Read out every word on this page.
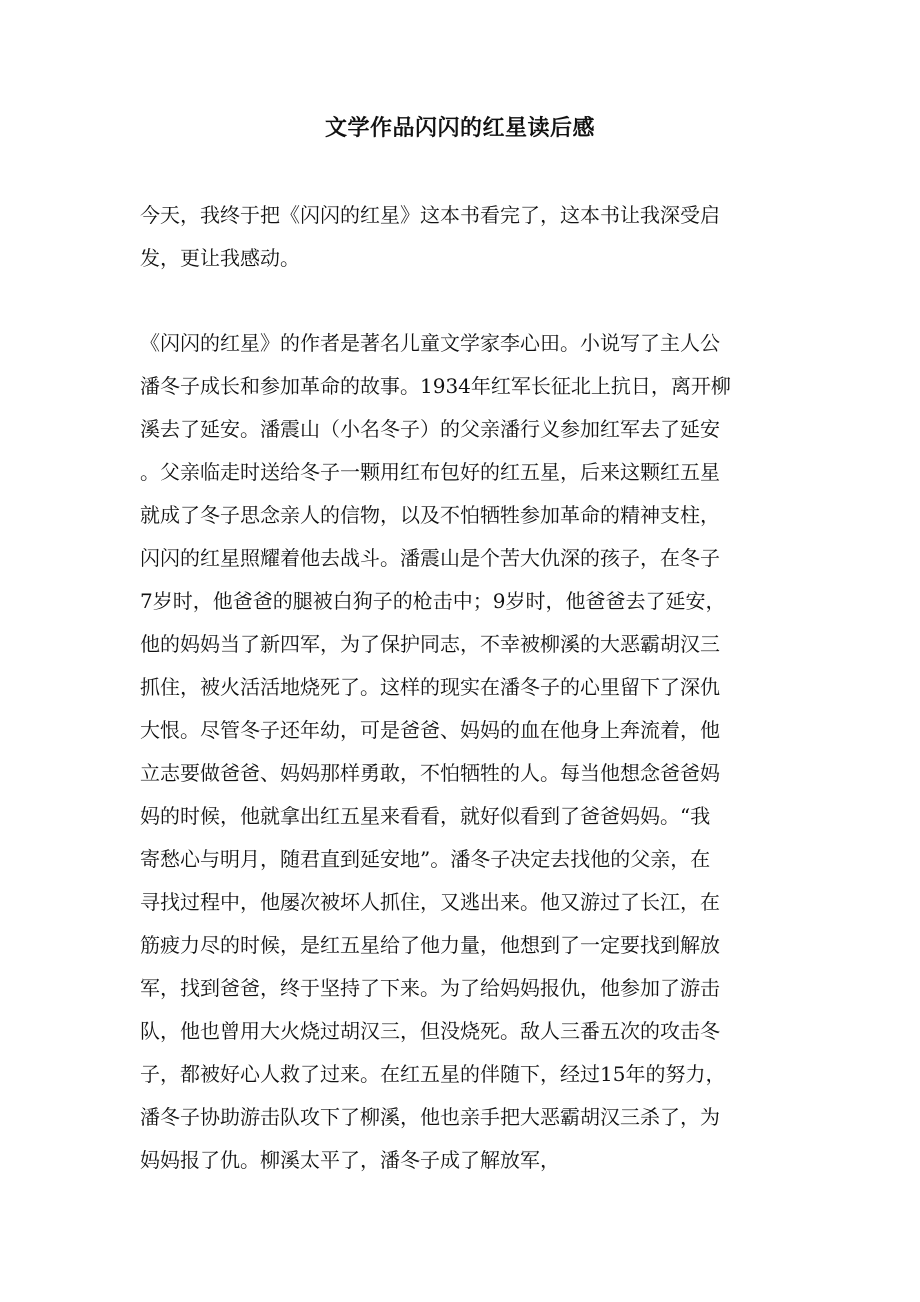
文学作品闪闪的红星读后感

今天，我终于把《闪闪的红星》这本书看完了，这本书让我深受启
发，更让我感动。

《闪闪的红星》的作者是著名儿童文学家李心田。小说写了主人公
潘冬子成长和参加革命的故事。1934年红军长征北上抗日，离开柳
溪去了延安。潘震山（小名冬子）的父亲潘行义参加红军去了延安
。父亲临走时送给冬子一颗用红布包好的红五星，后来这颗红五星
就成了冬子思念亲人的信物，以及不怕牺牲参加革命的精神支柱，
闪闪的红星照耀着他去战斗。潘震山是个苦大仇深的孩子，在冬子
7岁时，他爸爸的腿被白狗子的枪击中；9岁时，他爸爸去了延安，
他的妈妈当了新四军，为了保护同志，不幸被柳溪的大恶霸胡汉三
抓住，被火活活地烧死了。这样的现实在潘冬子的心里留下了深仇
大恨。尽管冬子还年幼，可是爸爸、妈妈的血在他身上奔流着，他
立志要做爸爸、妈妈那样勇敢，不怕牺牲的人。每当他想念爸爸妈
妈的时候，他就拿出红五星来看看，就好似看到了爸爸妈妈。“我
寄愁心与明月，随君直到延安地”。潘冬子决定去找他的父亲，在
寻找过程中，他屡次被坏人抓住，又逃出来。他又游过了长江，在
筋疲力尽的时候，是红五星给了他力量，他想到了一定要找到解放
军，找到爸爸，终于坚持了下来。为了给妈妈报仇，他参加了游击
队，他也曾用大火烧过胡汉三，但没烧死。敌人三番五次的攻击冬
子，都被好心人救了过来。在红五星的伴随下，经过15年的努力，
潘冬子协助游击队攻下了柳溪，他也亲手把大恶霸胡汉三杀了，为
妈妈报了仇。柳溪太平了，潘冬子成了解放军，
